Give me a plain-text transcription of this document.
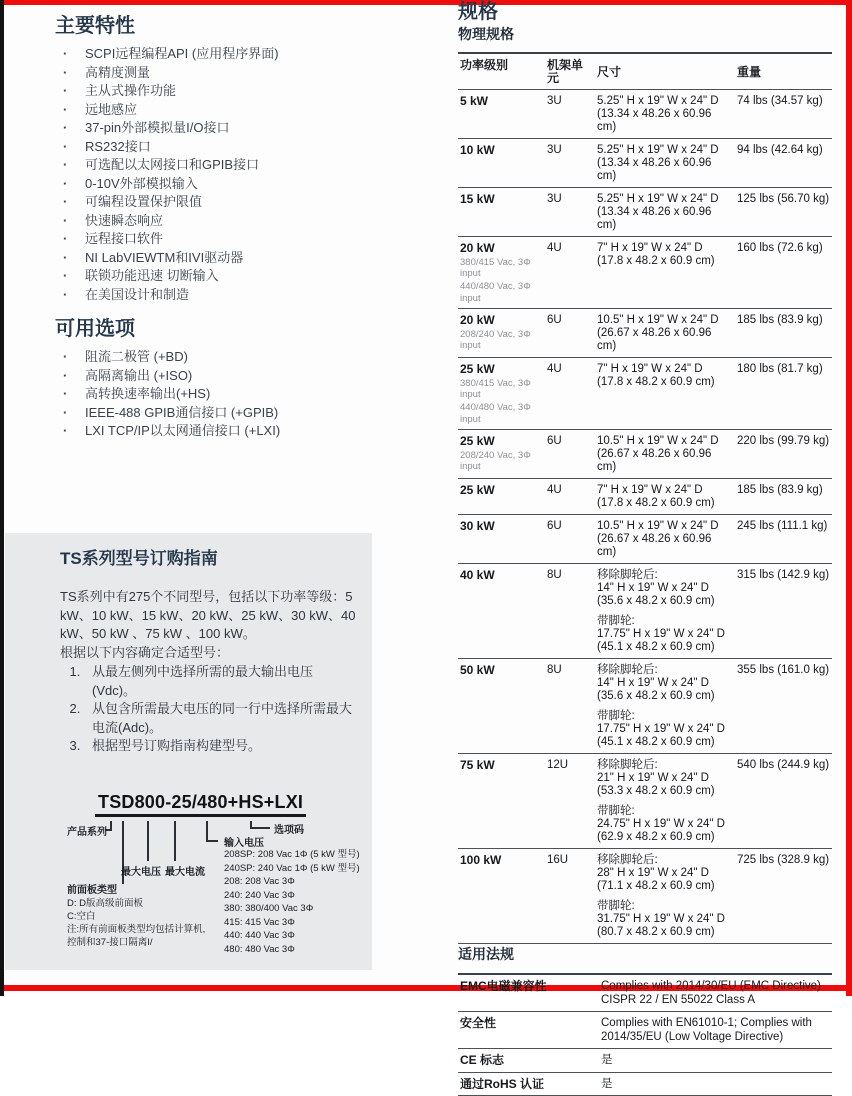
主要特性
· SCPI远程编程API (应用程序界面)
· 高精度测量
· 主从式操作功能
· 远地感应
· 37-pin外部模拟量I/O接口
· RS232接口
· 可选配以太网接口和GPIB接口
· 0-10V外部模拟输入
· 可编程设置保护限值
· 快速瞬态响应
· 远程接口软件
· NI LabVIEWTM和IVI驱动器
· 联锁功能迅速 切断输入
· 在美国设计和制造
可用选项
· 阻流二极管 (+BD)
· 高隔离输出 (+ISO)
· 高转换速率输出(+HS)
· IEEE-488 GPIB通信接口 (+GPIB)
· LXI TCP/IP以太网通信接口 (+LXI)
TS系列型号订购指南

TS系列中有275个不同型号，包括以下功率等级：5 kW、10 kW、15 kW、20 kW、25 kW、30 kW、40 kW、50 kW 、75 kW 、100 kW。

根据以下内容确定合适型号：

1. 从最左侧列中选择所需的最大输出电压 (Vdc)。
2. 从包含所需最大电压的同一行中选择所需最大电流(Adc)。
3. 根据型号订购指南构建型号。
TSD800-25/480+HS+LXI
产品系列	选项码
最大电压 最大电流
输入电压
208SP: 208 Vac 1Φ (5 kW 型号)
240SP: 240 Vac 1Φ (5 kW 型号)
208: 208 Vac 3Φ
240: 240 Vac 3Φ
380: 380/400 Vac 3Φ
415: 415 Vac 3Φ
440: 440 Vac 3Φ
480: 480 Vac 3Φ
前面板类型
D: D版高级前面板
C:空白
注:所有前面板类型均包括计算机,
控制和37-接口隔离I/
规格
物理规格
功率级别	机架单元	尺寸	重量

5 kW	3U	5.25" H x 19" W x 24" D
(13.34 x 48.26 x 60.96 cm)	74 lbs (34.57 kg)

10 kW	3U	5.25" H x 19" W x 24" D
(13.34 x 48.26 x 60.96 cm)	94 lbs (42.64 kg)

15 kW	3U	5.25" H x 19" W x 24" D
(13.34 x 48.26 x 60.96 cm)	125 lbs (56.70 kg)

20 kW
380/415 Vac, 3Φ input
440/480 Vac, 3Φ input
	4U	7" H x 19" W x 24" D
(17.8 x 48.2 x 60.9 cm)
	160 lbs (72.6 kg)

20 kW
208/240 Vac, 3Φ input
	6U	10.5" H x 19" W x 24" D
(26.67 x 48.26 x 60.96 cm)
	185 lbs (83.9 kg)

25 kW
380/415 Vac, 3Φ input
440/480 Vac, 3Φ input
	4U	7" H x 19" W x 24" D
(17.8 x 48.2 x 60.9 cm)
	180 lbs (81.7 kg)

25 kW
208/240 Vac, 3Φ input
	6U	10.5" H x 19" W x 24" D
(26.67 x 48.26 x 60.96 cm)
	220 lbs (99.79 kg)

25 kW	4U	7" H x 19" W x 24" D
(17.8 x 48.2 x 60.9 cm)	185 lbs (83.9 kg)

30 kW	6U	10.5" H x 19" W x 24" D
(26.67 x 48.26 x 60.96 cm)	245 lbs (111.1 kg)

40 kW	8U	移除脚轮后:
14" H x 19" W x 24" D
(35.6 x 48.2 x 60.9 cm)

带脚轮:
17.75" H x 19" W x 24" D
(45.1 x 48.2 x 60.9 cm)
	315 lbs (142.9 kg)

50 kW	8U	移除脚轮后:
14" H x 19" W x 24" D
(35.6 x 48.2 x 60.9 cm)

带脚轮:
17.75" H x 19" W x 24" D
(45.1 x 48.2 x 60.9 cm)
	355 lbs (161.0 kg)

75 kW	12U	移除脚轮后:
21" H x 19" W x 24" D
(53.3 x 48.2 x 60.9 cm)

带脚轮:
24.75" H x 19" W x 24" D
(62.9 x 48.2 x 60.9 cm)
	540 lbs (244.9 kg)

100 kW	16U	移除脚轮后:
28" H x 19" W x 24" D
(71.1 x 48.2 x 60.9 cm)

带脚轮:
31.75" H x 19" W x 24" D
(80.7 x 48.2 x 60.9 cm)
	725 lbs (328.9 kg)
适用法规
EMC电磁兼容性	Complies with 2014/30/EU (EMC Directive)
CISPR 22 / EN 55022 Class A

安全性	Complies with EN61010-1; Complies with
2014/35/EU (Low Voltage Directive)

CE 标志	是

通过RoHS 认证	是
